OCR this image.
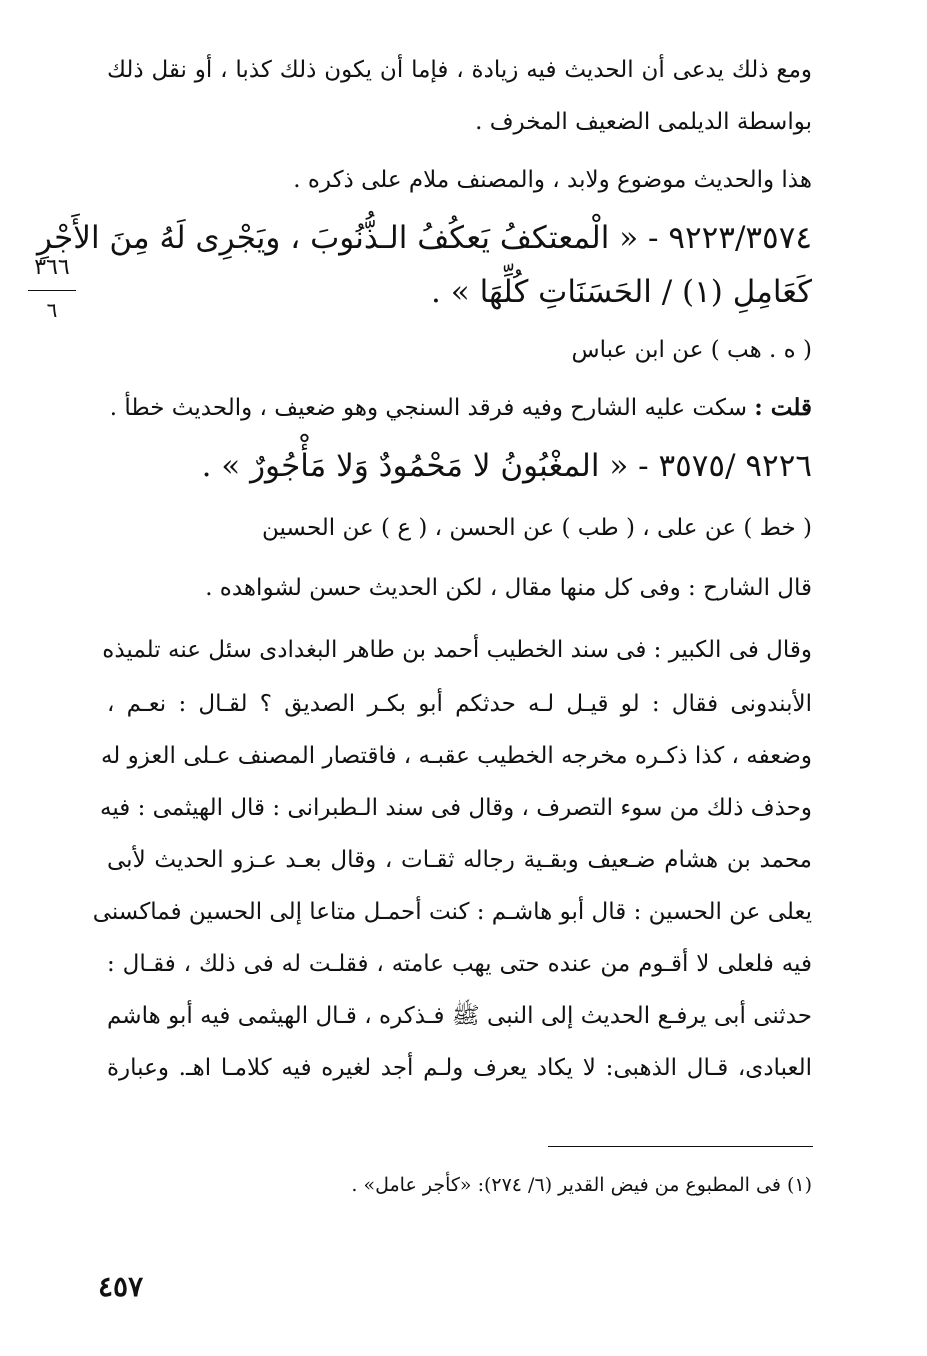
ومع ذلك يدعى أن الحديث فيه زيادة ، فإما أن يكون ذلك كذبا ، أو نقل ذلك
بواسطة الديلمى الضعيف المخرف .
هذا والحديث موضوع ولابد ، والمصنف ملام على ذكره .
٩٢٢٣/٣٥٧٤ - « الْمعتكفُ يَعكُفُ الـذُّنُوبَ ، ويَجْرِى لَهُ مِنَ الأَجْرِ
كَعَامِلِ (١) / الحَسَنَاتِ كُلِّهَا » .
( ه . هب ) عن ابن عباس
قلت : سكت عليه الشارح وفيه فرقد السنجي وهو ضعيف ، والحديث خطأ .
٩٢٢٦ /٣٥٧٥ - « المغْبُونُ لا مَحْمُودٌ وَلا مَأْجُورٌ » .
( خط ) عن على ، ( طب ) عن الحسن ، ( ع ) عن الحسين
قال الشارح : وفى كل منها مقال ، لكن الحديث حسن لشواهده .
وقال فى الكبير : فى سند الخطيب أحمد بن طاهر البغدادى سئل عنه تلميذه
الأبندونى فقال : لو قيـل لـه حدثكم أبو بكـر الصديق ؟ لقـال : نعـم ،
وضعفه ، كذا ذكـره مخرجه الخطيب عقبـه ، فاقتصار المصنف عـلى العزو له
وحذف ذلك من سوء التصرف ، وقال فى سند الـطبرانى : قال الهيثمى : فيه
محمد بن هشام ضـعيف وبقـية رجاله ثقـات ، وقال بعـد عـزو الحديث لأبى
يعلى عن الحسين : قال أبو هاشـم : كنت أحمـل متاعا إلى الحسين فماكسنى
فيه فلعلى لا أقـوم من عنده حتى يهب عامته ، فقلـت له فى ذلك ، فقـال :
حدثنى أبى يرفـع الحديث إلى النبى ﷺ فـذكره ، قـال الهيثمى فيه أبو هاشم
العبادى، قـال الذهبى: لا يكاد يعرف ولـم أجد لغيره فيه كلامـا اهـ. وعبارة
٣٦٦
٦
(١) فى المطبوع من فيض القدير (٦/ ٢٧٤): «كأجر عامل» .
٤٥٧
